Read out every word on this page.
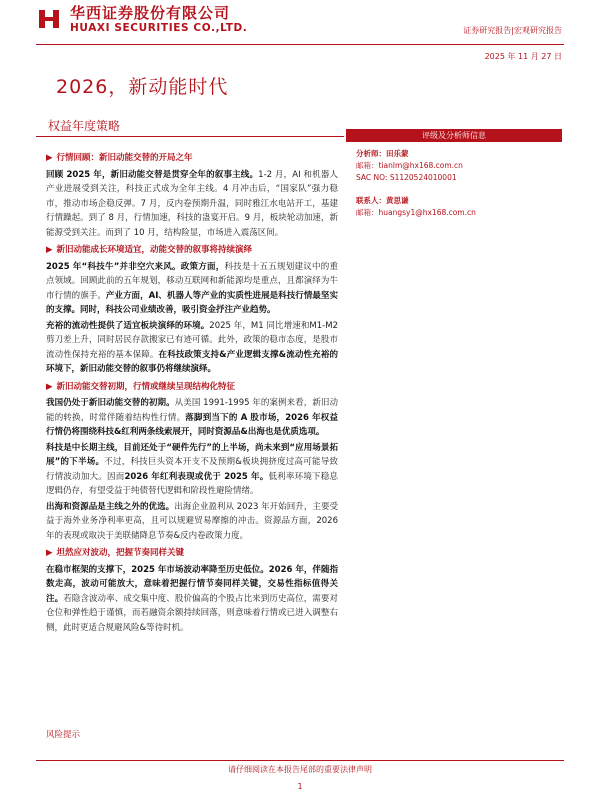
华西证券股份有限公司
HUAXI SECURITIES CO.,LTD.	证券研究报告|宏观研究报告
2025 年 11 月 27 日
2026，新动能时代
权益年度策略
评级及分析师信息
分析师：田乐蒙
邮箱：tianlm@hx168.com.cn
SAC NO: S1120524010001
联系人：黄思谦
邮箱：huangsy1@hx168.com.cn
▶ 行情回顾：新旧动能交替的开局之年
回顾 2025 年，新旧动能交替是贯穿全年的叙事主线。1-2 月，AI 和机器人产业进展受到关注，科技正式成为全年主线。4 月冲击后，“国家队”强力稳市，推动市场企稳反弹。7 月，反内卷预期升温，同时雅江水电站开工，基建行情躁起。到了 8 月，行情加速，科技的蛊宴开启。9 月，板块轮动加速，新能源受到关注。而到了 10 月，结构险显，市场进入震荡区间。
▶ 新旧动能成长环境适宜，动能交替的叙事将持续演绎
2025 年“科技牛”并非空穴来风。政策方面，科技是十五五规划建议中的重点领域。回顾此前的五年规划，移动互联网和新能源均是重点，且都演绎为牛市行情的旗手。产业方面，AI、机器人等产业的实质性进展是科技行情最坚实的支撑。同时，科技公司业绩改善，吸引资金抒注产业趋势。
充裕的流动性提供了适宜板块演绎的环境。2025 年，M1 同比增速和M1-M2剪刀差上升，同时居民存款搬家已有迹可循。此外，政策的稳市态度，是股市流动性保持充裕的基本保障。在科技政策支持&产业逻辑支撑&流动性充裕的环境下，新旧动能交替的叙事仍将继续演绎。
▶ 新旧动能交替初期，行情或继续呈现结构化特征
我国仍处于新旧动能交替的初期。从美国 1991-1995 年的案例来看，新旧动能的转换，时常伴随着结构性行情。落脚到当下的 A 股市场，2026 年权益行情仍将围绕科技&红利两条线索展开，同时资源品&出海也是优质选项。
科技是中长期主线，目前还处于“硬件先行”的上半场，尚未来到“应用场景拓展”的下半场。不过，科技巨头资本开支不及预期&板块拥挤度过高可能导致行情波动加大。因而2026 年红利表现或优于 2025 年。低利率环境下稳息逻辑仍存，有望受益于纯债替代逻辑和阶段性避险情绪。
出海和资源品是主线之外的优选。出海企业盈利从 2023 年开始回升，主要受益于海外业务净利率更高，且可以规避贸易摩擦的冲击。资源品方面，2026 年的表现或取决于美联储降息节奏&反内卷政策力度。
▶ 坦然应对波动，把握节奏同样关键
在稳市框架的支撑下，2025 年市场波动率降至历史低位。2026 年，伴随指数走高，波动可能放大，意味着把握行情节奏同样关键，交易性指标值得关注。若隐含波动率、成交集中度、股价偏高的个股占比来到历史高位，需要对仓位和弹性趋于谨慎，而若融资余额持续回落，则意味着行情或已进入调整右侧，此时更适合规避风险&等待时机。
风险提示
请仔细阅读在本报告尾部的重要法律声明
1
